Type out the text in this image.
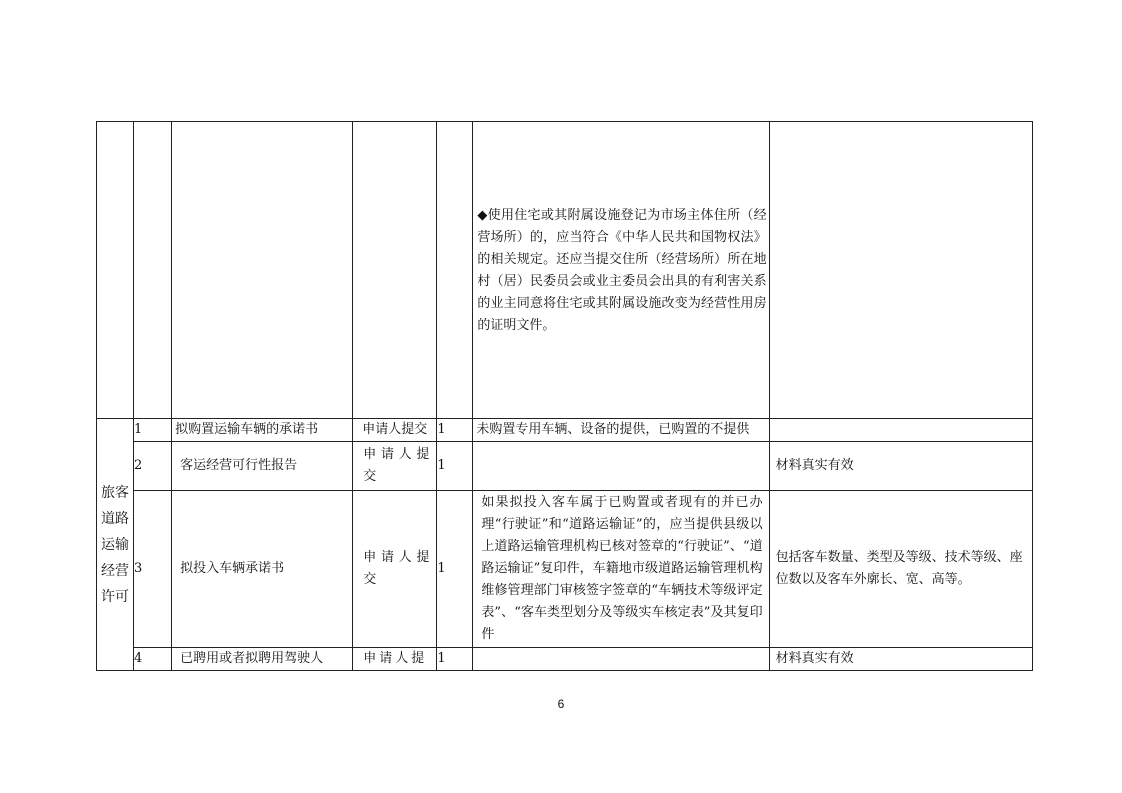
					◆使用住宅或其附属设施登记为市场主体住所（经营场所）的，应当符合《中华人民共和国物权法》的相关规定。还应当提交住所（经营场所）所在地村（居）民委员会或业主委员会出具的有利害关系的业主同意将住宅或其附属设施改变为经营性用房的证明文件。	

旅客道路运输经营许可	1	拟购置运输车辆的承诺书	申请人提交	1	未购置专用车辆、设备的提供，已购置的不提供	
	2	客运经营可行性报告	申请人提交	1		材料真实有效
	3	拟投入车辆承诺书	申请人提交	1	如果拟投入客车属于已购置或者现有的并已办理“行驶证”和“道路运输证”的，应当提供县级以上道路运输管理机构已核对签章的“行驶证”、“道路运输证”复印件，车籍地市级道路运输管理机构维修管理部门审核签字签章的“车辆技术等级评定表”、“客车类型划分及等级实车核定表”及其复印件	包括客车数量、类型及等级、技术等级、座位数以及客车外廓长、宽、高等。
	4	已聘用或者拟聘用驾驶人	申请人提	1		材料真实有效
6
